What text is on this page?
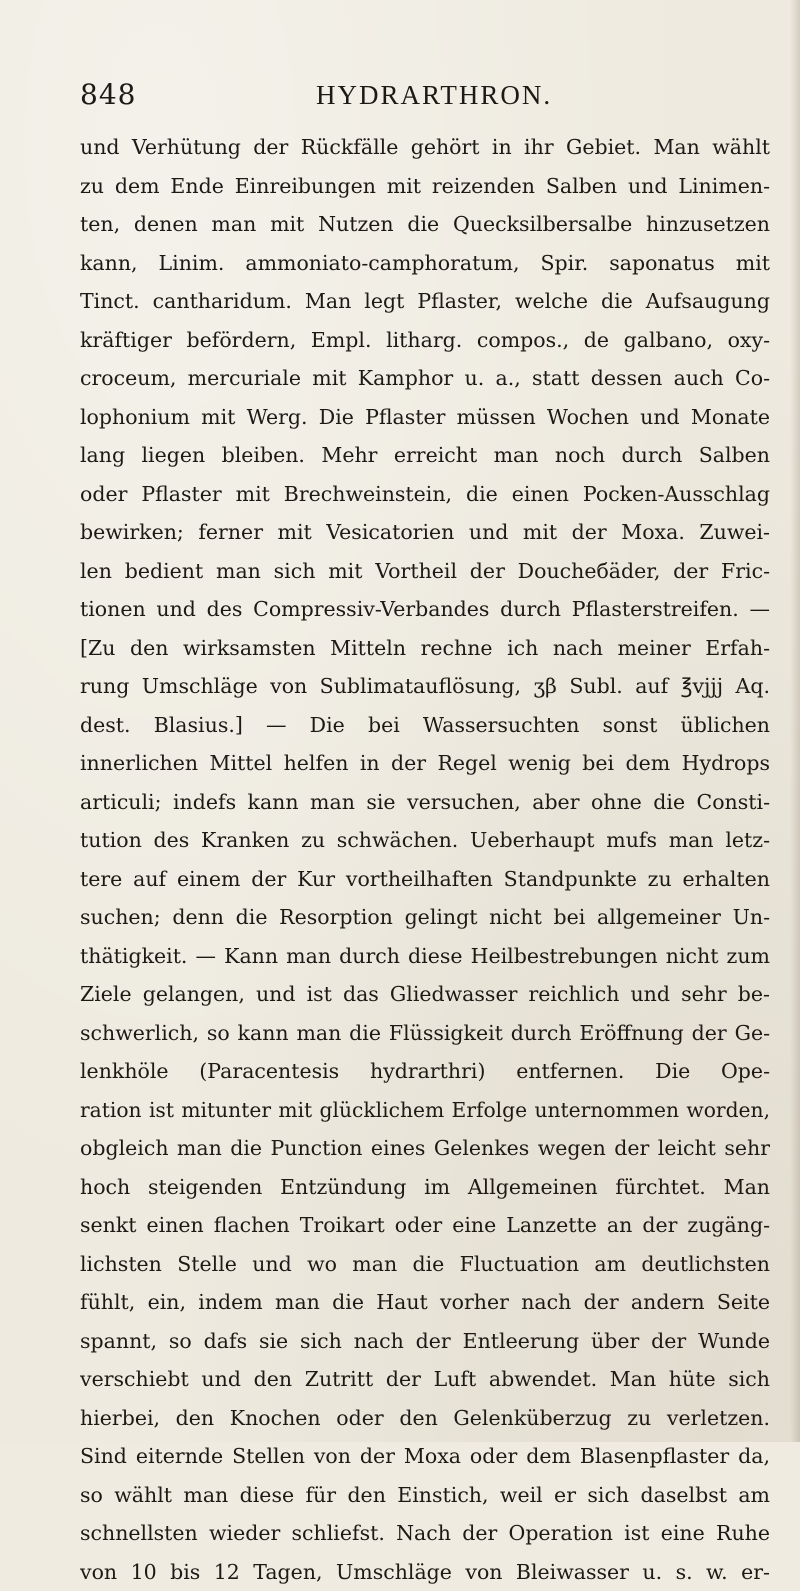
848	HYDRARTHRON.
und Verhütung der Rückfälle gehört in ihr Gebiet. Man wählt
zu dem Ende Einreibungen mit reizenden Salben und Linimen-
ten, denen man mit Nutzen die Quecksilbersalbe hinzusetzen
kann, Linim. ammoniato-camphoratum, Spir. saponatus mit
Tinct. cantharidum. Man legt Pflaster, welche die Aufsaugung
kräftiger befördern, Empl. litharg. compos., de galbano, oxy-
croceum, mercuriale mit Kamphor u. a., statt dessen auch Co-
lophonium mit Werg. Die Pflaster müssen Wochen und Monate
lang liegen bleiben. Mehr erreicht man noch durch Salben
oder Pflaster mit Brechweinstein, die einen Pocken-Ausschlag
bewirken; ferner mit Vesicatorien und mit der Moxa. Zuwei-
len bedient man sich mit Vortheil der Doucheбäder, der Fric-
tionen und des Compressiv-Verbandes durch Pflasterstreifen. —
[Zu den wirksamsten Mitteln rechne ich nach meiner Erfah-
rung Umschläge von Sublimatauflösung, ʒβ Subl. auf ℥vjjj Aq.
dest. Blasius.] — Die bei Wassersuchten sonst üblichen
innerlichen Mittel helfen in der Regel wenig bei dem Hydrops
articuli; indefs kann man sie versuchen, aber ohne die Consti-
tution des Kranken zu schwächen. Ueberhaupt mufs man letz-
tere auf einem der Kur vortheilhaften Standpunkte zu erhalten
suchen; denn die Resorption gelingt nicht bei allgemeiner Un-
thätigkeit. — Kann man durch diese Heilbestrebungen nicht zum
Ziele gelangen, und ist das Gliedwasser reichlich und sehr be-
schwerlich, so kann man die Flüssigkeit durch Eröffnung der Ge-
lenkhöle (Paracentesis hydrarthri) entfernen. Die Ope-
ration ist mitunter mit glücklichem Erfolge unternommen worden,
obgleich man die Punction eines Gelenkes wegen der leicht sehr
hoch steigenden Entzündung im Allgemeinen fürchtet. Man
senkt einen flachen Troikart oder eine Lanzette an der zugäng-
lichsten Stelle und wo man die Fluctuation am deutlichsten
fühlt, ein, indem man die Haut vorher nach der andern Seite
spannt, so dafs sie sich nach der Entleerung über der Wunde
verschiebt und den Zutritt der Luft abwendet. Man hüte sich
hierbei, den Knochen oder den Gelenküberzug zu verletzen.
Sind eiternde Stellen von der Moxa oder dem Blasenpflaster da,
so wählt man diese für den Einstich, weil er sich daselbst am
schnellsten wieder schliefst. Nach der Operation ist eine Ruhe
von 10 bis 12 Tagen, Umschläge von Bleiwasser u. s. w. er-
